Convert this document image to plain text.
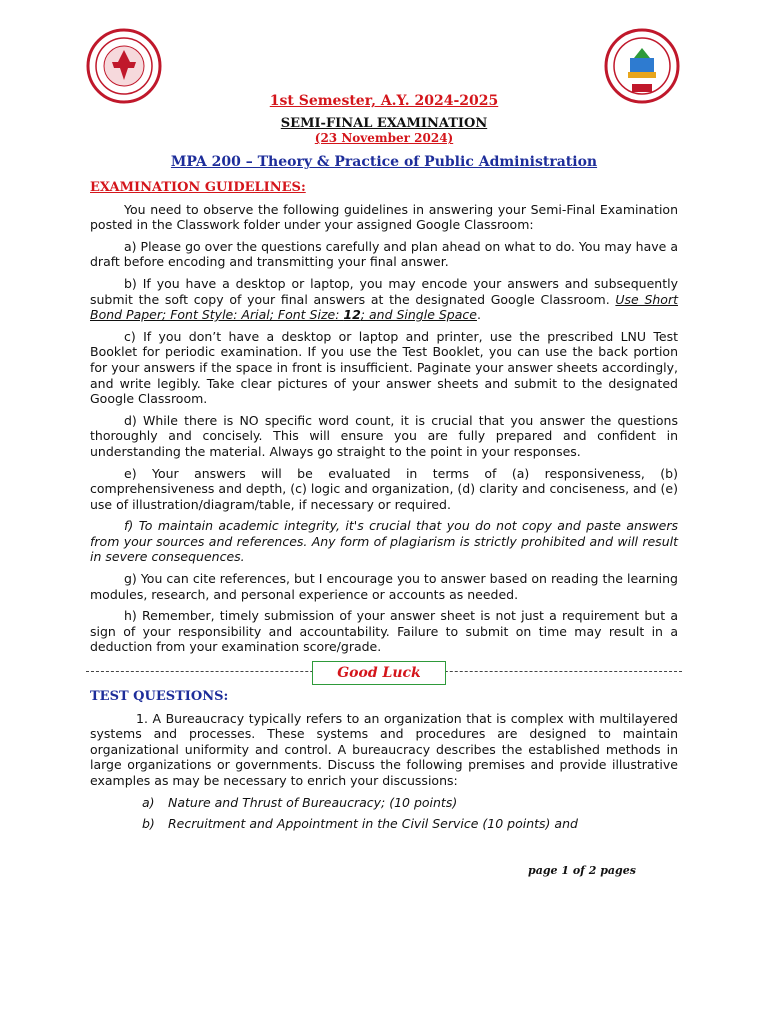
1st Semester, A.Y. 2024-2025
SEMI-FINAL EXAMINATION
(23 November 2024)
MPA 200 – Theory & Practice of Public Administration
EXAMINATION GUIDELINES:

You need to observe the following guidelines in answering your Semi-Final Examination posted in the Classwork folder under your assigned Google Classroom:

a) Please go over the questions carefully and plan ahead on what to do. You may have a draft before encoding and transmitting your final answer.

b) If you have a desktop or laptop, you may encode your answers and subsequently submit the soft copy of your final answers at the designated Google Classroom. Use Short Bond Paper; Font Style: Arial; Font Size: 12; and Single Space.

c) If you don’t have a desktop or laptop and printer, use the prescribed LNU Test Booklet for periodic examination. If you use the Test Booklet, you can use the back portion for your answers if the space in front is insufficient. Paginate your answer sheets accordingly, and write legibly. Take clear pictures of your answer sheets and submit to the designated Google Classroom.

d) While there is NO specific word count, it is crucial that you answer the questions thoroughly and concisely. This will ensure you are fully prepared and confident in understanding the material. Always go straight to the point in your responses.

e) Your answers will be evaluated in terms of (a) responsiveness, (b) comprehensiveness and depth, (c) logic and organization, (d) clarity and conciseness, and (e) use of illustration/diagram/table, if necessary or required.

f) To maintain academic integrity, it's crucial that you do not copy and paste answers from your sources and references. Any form of plagiarism is strictly prohibited and will result in severe consequences.

g) You can cite references, but I encourage you to answer based on reading the learning modules, research, and personal experience or accounts as needed.

h) Remember, timely submission of your answer sheet is not just a requirement but a sign of your responsibility and accountability. Failure to submit on time may result in a deduction from your examination score/grade.

Good Luck
TEST QUESTIONS:

1. A Bureaucracy typically refers to an organization that is complex with multilayered systems and processes. These systems and procedures are designed to maintain organizational uniformity and control. A bureaucracy describes the established methods in large organizations or governments. Discuss the following premises and provide illustrative examples as may be necessary to enrich your discussions:

a) Nature and Thrust of Bureaucracy; (10 points)
b) Recruitment and Appointment in the Civil Service (10 points) and
page 1 of 2 pages
